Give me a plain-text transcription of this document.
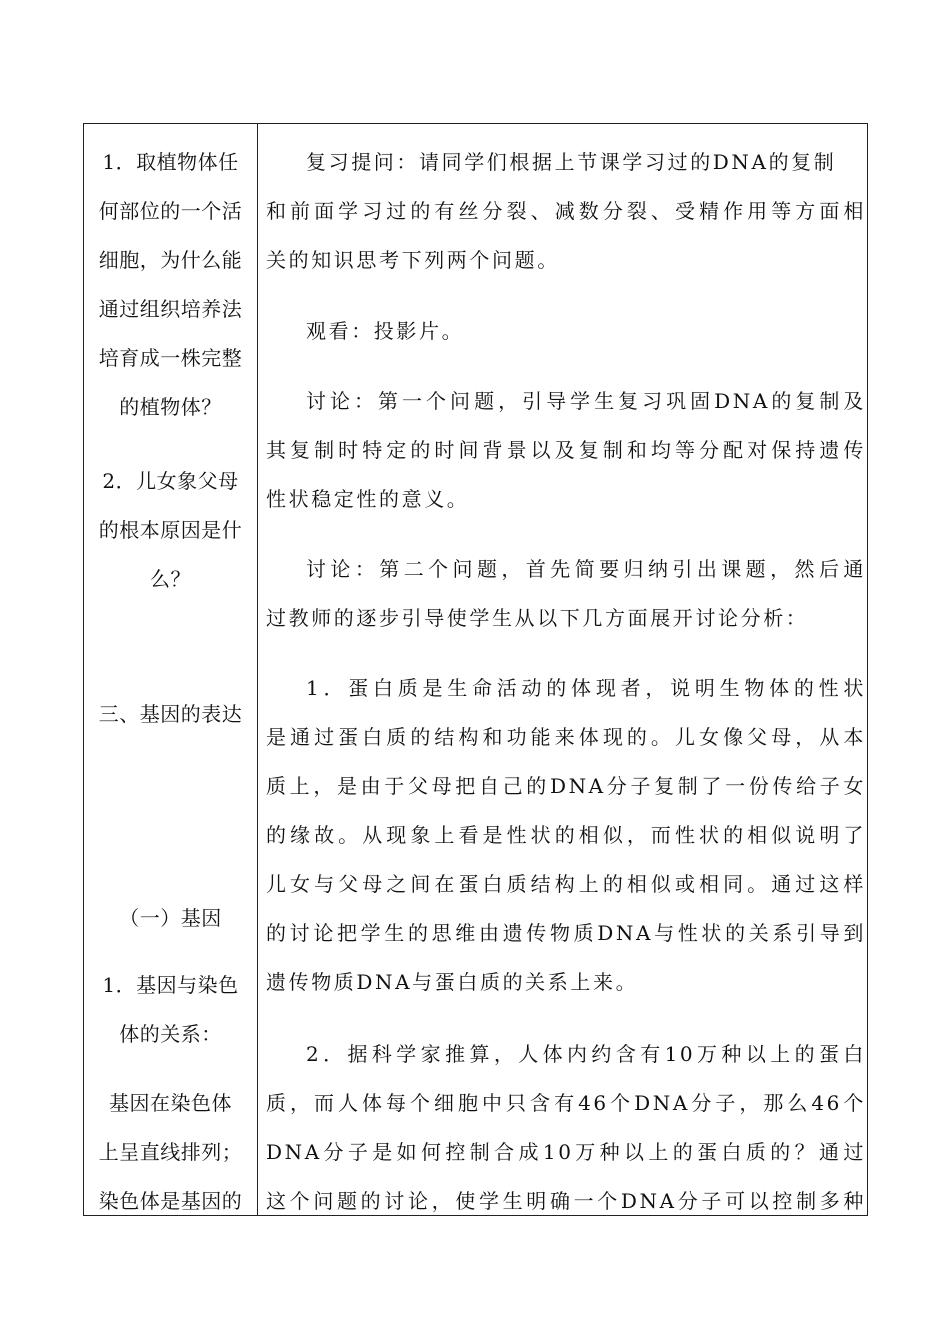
1．取植物体任
何部位的一个活
细胞，为什么能
通过组织培养法
培育成一株完整
的植物体？
2．儿女象父母
的根本原因是什
么？
三、基因的表达
（一）基因
1．基因与染色
体的关系：
基因在染色体
上呈直线排列；
染色体是基因的
复习提问：请同学们根据上节课学习过的DNA的复制
和前面学习过的有丝分裂、减数分裂、受精作用等方面相
关的知识思考下列两个问题。
观看：投影片。
讨论：第一个问题，引导学生复习巩固DNA的复制及
其复制时特定的时间背景以及复制和均等分配对保持遗传
性状稳定性的意义。
讨论：第二个问题，首先简要归纳引出课题，然后通
过教师的逐步引导使学生从以下几方面展开讨论分析：
1．蛋白质是生命活动的体现者，说明生物体的性状
是通过蛋白质的结构和功能来体现的。儿女像父母，从本
质上，是由于父母把自己的DNA分子复制了一份传给子女
的缘故。从现象上看是性状的相似，而性状的相似说明了
儿女与父母之间在蛋白质结构上的相似或相同。通过这样
的讨论把学生的思维由遗传物质DNA与性状的关系引导到
遗传物质DNA与蛋白质的关系上来。
2．据科学家推算，人体内约含有10万种以上的蛋白
质，而人体每个细胞中只含有46个DNA分子，那么46个
DNA分子是如何控制合成10万种以上的蛋白质的？通过
这个问题的讨论，使学生明确一个DNA分子可以控制多种
